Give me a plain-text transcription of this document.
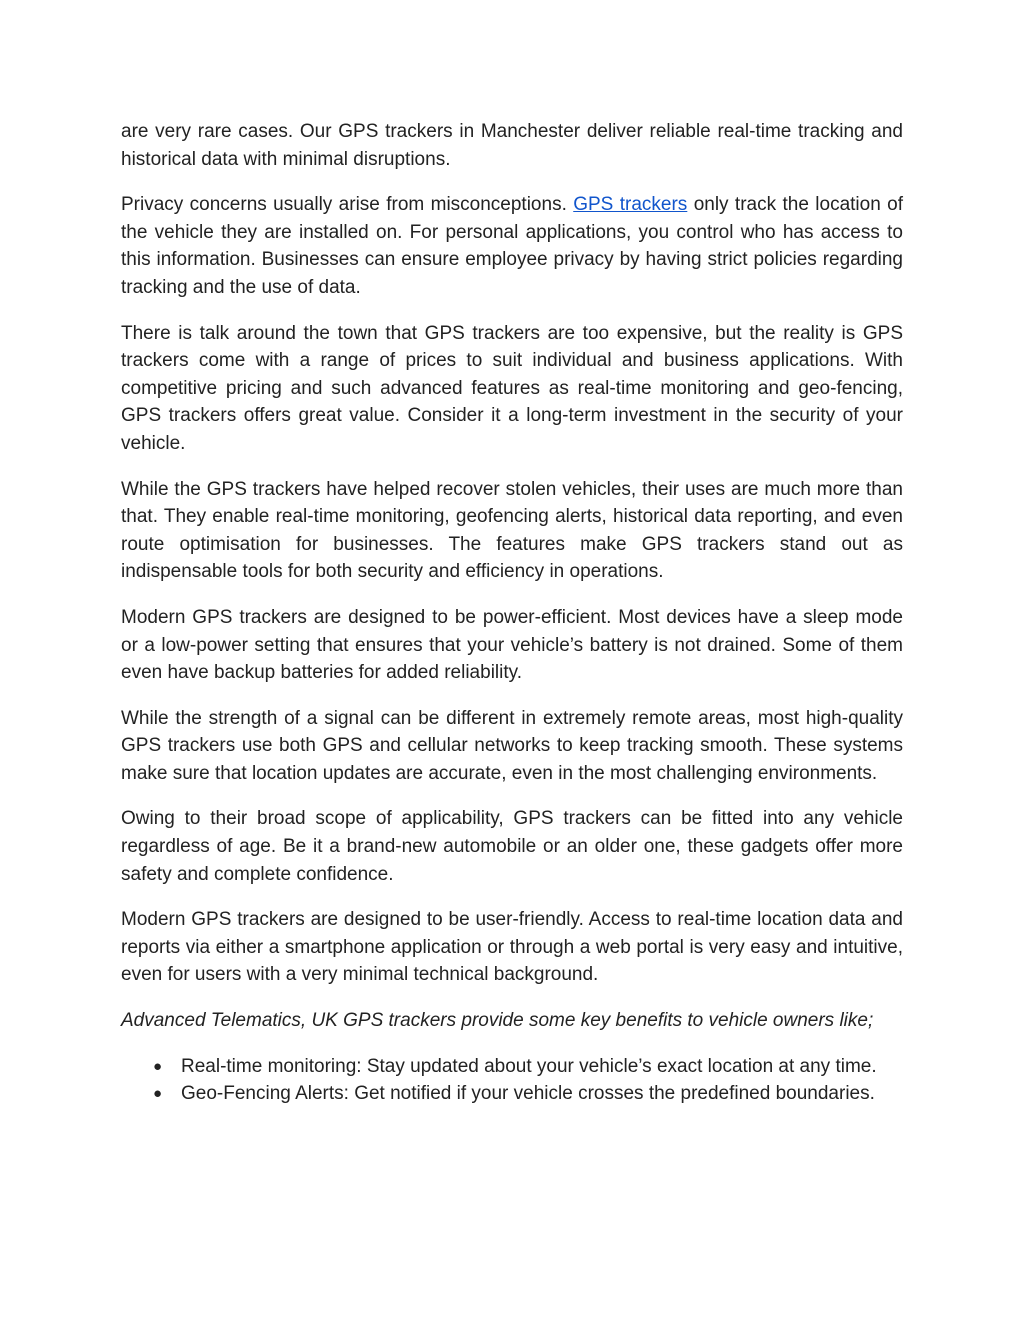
are very rare cases. Our GPS trackers in Manchester deliver reliable real-time tracking and historical data with minimal disruptions.

Privacy concerns usually arise from misconceptions. GPS trackers only track the location of the vehicle they are installed on. For personal applications, you control who has access to this information. Businesses can ensure employee privacy by having strict policies regarding tracking and the use of data.

There is talk around the town that GPS trackers are too expensive, but the reality is GPS trackers come with a range of prices to suit individual and business applications. With competitive pricing and such advanced features as real-time monitoring and geo-fencing, GPS trackers offers great value. Consider it a long-term investment in the security of your vehicle.

While the GPS trackers have helped recover stolen vehicles, their uses are much more than that. They enable real-time monitoring, geofencing alerts, historical data reporting, and even route optimisation for businesses. The features make GPS trackers stand out as indispensable tools for both security and efficiency in operations.

Modern GPS trackers are designed to be power-efficient. Most devices have a sleep mode or a low-power setting that ensures that your vehicle’s battery is not drained. Some of them even have backup batteries for added reliability.

While the strength of a signal can be different in extremely remote areas, most high-quality GPS trackers use both GPS and cellular networks to keep tracking smooth. These systems make sure that location updates are accurate, even in the most challenging environments.

Owing to their broad scope of applicability, GPS trackers can be fitted into any vehicle regardless of age. Be it a brand-new automobile or an older one, these gadgets offer more safety and complete confidence.

Modern GPS trackers are designed to be user-friendly. Access to real-time location data and reports via either a smartphone application or through a web portal is very easy and intuitive, even for users with a very minimal technical background.

Advanced Telematics, UK GPS trackers provide some key benefits to vehicle owners like;

● Real-time monitoring: Stay updated about your vehicle’s exact location at any time.
● Geo-Fencing Alerts: Get notified if your vehicle crosses the predefined boundaries.
